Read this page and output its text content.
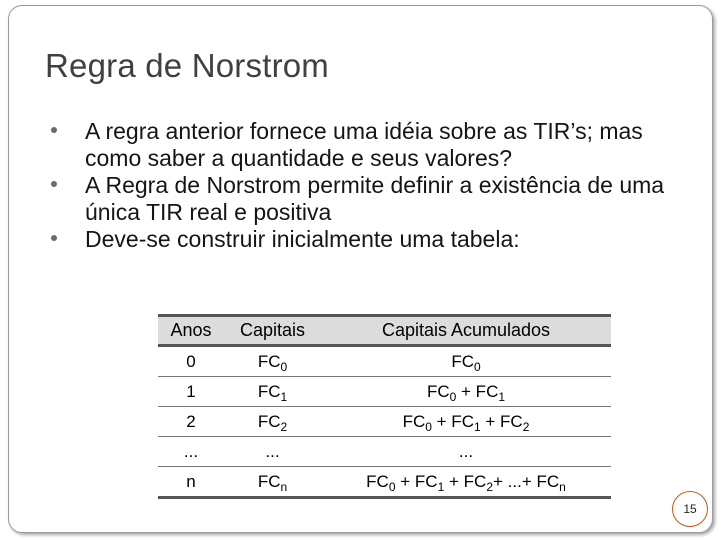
Regra de Norstrom
A regra anterior fornece uma idéia sobre as TIR’s; mas como saber a quantidade e seus valores?
A Regra de Norstrom permite definir a existência de uma única TIR real e positiva
Deve-se construir inicialmente uma tabela:
Anos	Capitais	Capitais Acumulados
0	$FC_0$	$FC_0$
1	$FC_1$	$FC_0 + FC_1$
2	$FC_2$	$FC_0 + FC_1 + FC_2$
...	...	...
n	$FC_n$	$FC_0 + FC_1 + FC_2+$ ...+ $FC_n$
15
